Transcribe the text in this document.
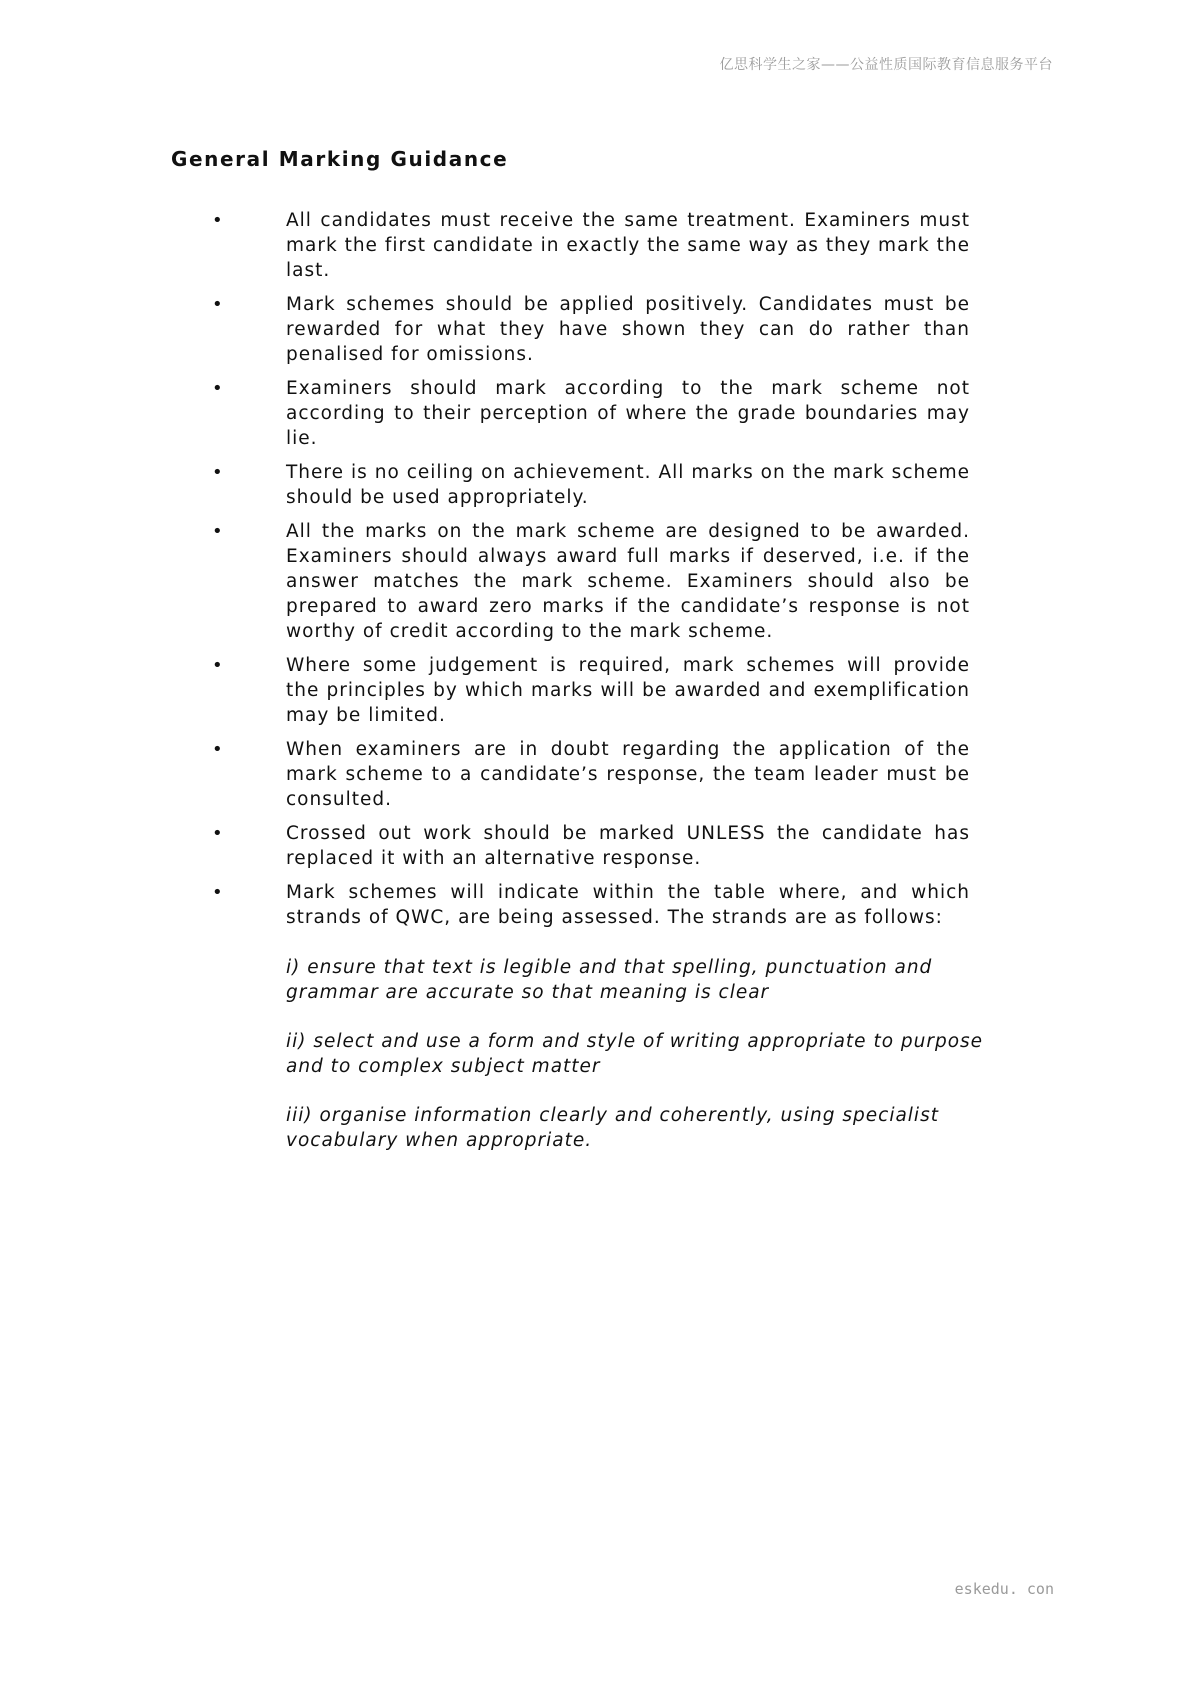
亿思科学生之家——公益性质国际教育信息服务平台
General Marking Guidance
•	All candidates must receive the same treatment. Examiners must mark the first candidate in exactly the same way as they mark the last.
•	Mark schemes should be applied positively. Candidates must be rewarded for what they have shown they can do rather than penalised for omissions.
•	Examiners should mark according to the mark scheme not according to their perception of where the grade boundaries may lie.
•	There is no ceiling on achievement. All marks on the mark scheme should be used appropriately.
•	All the marks on the mark scheme are designed to be awarded. Examiners should always award full marks if deserved, i.e. if the answer matches the mark scheme. Examiners should also be prepared to award zero marks if the candidate’s response is not worthy of credit according to the mark scheme.
•	Where some judgement is required, mark schemes will provide the principles by which marks will be awarded and exemplification may be limited.
•	When examiners are in doubt regarding the application of the mark scheme to a candidate’s response, the team leader must be consulted.
•	Crossed out work should be marked UNLESS the candidate has replaced it with an alternative response.
•	Mark schemes will indicate within the table where, and which strands of QWC, are being assessed. The strands are as follows:

i) ensure that text is legible and that spelling, punctuation and grammar are accurate so that meaning is clear

ii) select and use a form and style of writing appropriate to purpose and to complex subject matter

iii) organise information clearly and coherently, using specialist vocabulary when appropriate.

eskedu. con
